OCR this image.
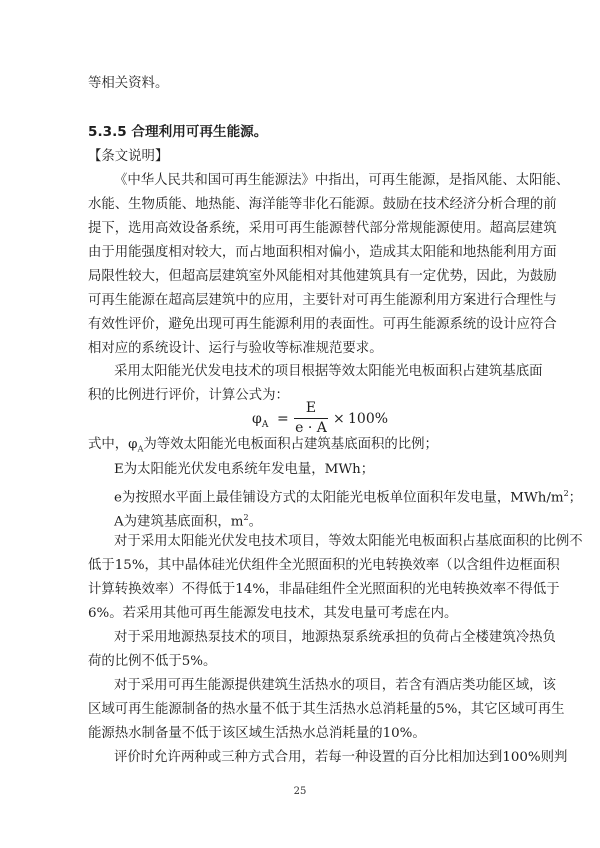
等相关资料。
5.3.5 合理利用可再生能源。
【条文说明】
《中华人民共和国可再生能源法》中指出，可再生能源，是指风能、太阳能、
水能、生物质能、地热能、海洋能等非化石能源。鼓励在技术经济分析合理的前
提下，选用高效设备系统，采用可再生能源替代部分常规能源使用。超高层建筑
由于用能强度相对较大，而占地面积相对偏小，造成其太阳能和地热能利用方面
局限性较大，但超高层建筑室外风能相对其他建筑具有一定优势，因此，为鼓励
可再生能源在超高层建筑中的应用，主要针对可再生能源利用方案进行合理性与
有效性评价，避免出现可再生能源利用的表面性。可再生能源系统的设计应符合
相对应的系统设计、运行与验收等标准规范要求。
采用太阳能光伏发电技术的项目根据等效太阳能光电板面积占建筑基底面
积的比例进行评价，计算公式为：
$\varphi_A$ =
E
e · A
× 100%
式中，$\varphi_A$为等效太阳能光电板面积占建筑基底面积的比例；
E为太阳能光伏发电系统年发电量，MWh；
e为按照水平面上最佳铺设方式的太阳能光电板单位面积年发电量，MWh/$m^2$；
A为建筑基底面积，$m^2$。
对于采用太阳能光伏发电技术项目，等效太阳能光电板面积占基底面积的比例不
低于15%，其中晶体硅光伏组件全光照面积的光电转换效率（以含组件边框面积
计算转换效率）不得低于14%，非晶硅组件全光照面积的光电转换效率不得低于
6%。若采用其他可再生能源发电技术，其发电量可考虑在内。
对于采用地源热泵技术的项目，地源热泵系统承担的负荷占全楼建筑冷热负
荷的比例不低于5%。
对于采用可再生能源提供建筑生活热水的项目，若含有酒店类功能区域，该
区域可再生能源制备的热水量不低于其生活热水总消耗量的5%，其它区域可再生
能源热水制备量不低于该区域生活热水总消耗量的10%。
评价时允许两种或三种方式合用，若每一种设置的百分比相加达到100%则判
25
